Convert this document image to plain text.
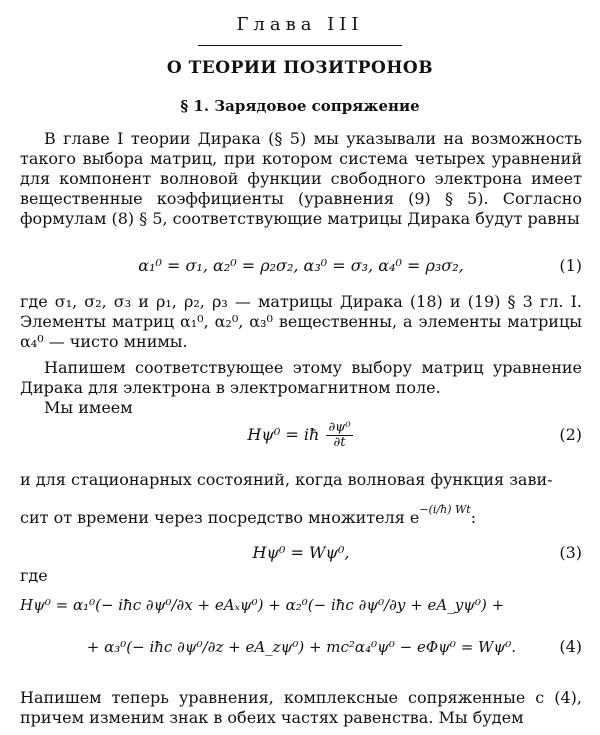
Глава III
О ТЕОРИИ ПОЗИТРОНОВ
§ 1. Зарядовое сопряжение
В главе I теории Дирака (§ 5) мы указывали на возможность такого выбора матриц, при котором система четырех уравнений для компонент волновой функции свободного электрона имеет вещественные коэффициенты (уравнения (9) § 5). Согласно формулам (8) § 5, соответствующие матрицы Дирака будут равны
α₁⁰ = σ₁, α₂⁰ = ρ₂σ₂, α₃⁰ = σ₃, α₄⁰ = ρ₃σ₂,	(1)
где σ₁, σ₂, σ₃ и ρ₁, ρ₂, ρ₃ — матрицы Дирака (18) и (19) § 3 гл. I. Элементы матриц α₁⁰, α₂⁰, α₃⁰ вещественны, а элементы матрицы α₄⁰ — чисто мнимы.
Напишем соответствующее этому выбору матриц уравнение Дирака для электрона в электромагнитном поле.
Мы имеем
Hψ⁰ = iħ $\frac{\text{∂ψ⁰}}{\partial t}$	(2)
и для стационарных состояний, когда волновая функция зави-
сит от времени через посредство множителя $e^{-(i/ħ) Wt}$:
Hψ⁰ = Wψ⁰,	(3)
где
Hψ⁰ = α₁⁰(− iħc ∂ψ⁰/∂x + eAₓψ⁰) + α₂⁰(− iħc ∂ψ⁰/∂y + eA_yψ⁰) +
+ α₃⁰(− iħc ∂ψ⁰/∂z + eA_zψ⁰) + mc²α₄⁰ψ⁰ − eΦψ⁰ = Wψ⁰.	(4)
Напишем теперь уравнения, комплексные сопряженные с (4), причем изменим знак в обеих частях равенства. Мы будем
